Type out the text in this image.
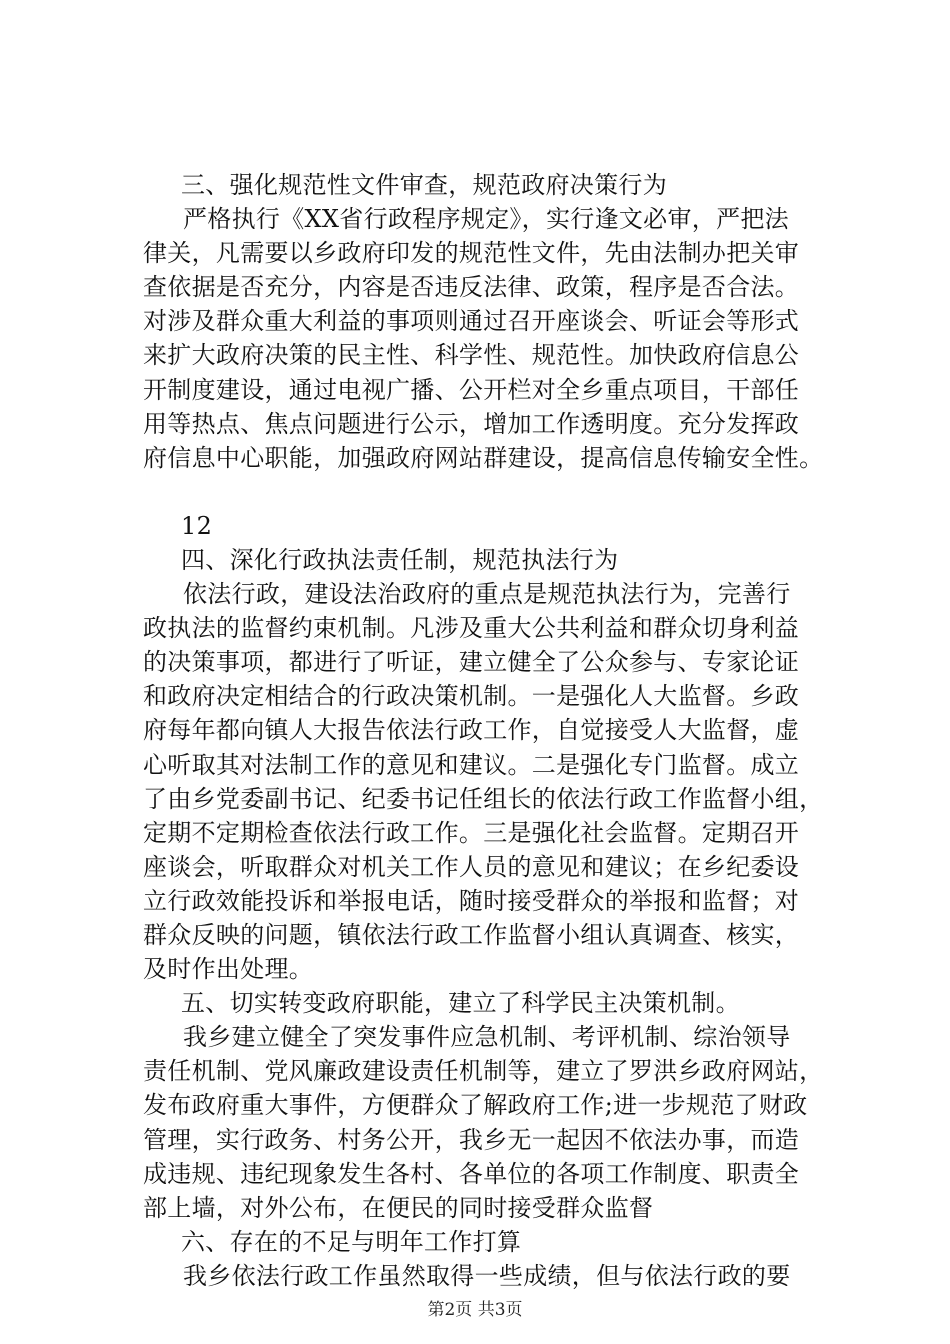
三、强化规范性文件审查，规范政府决策行为
严格执行《XX省行政程序规定》，实行逢文必审，严把法
律关，凡需要以乡政府印发的规范性文件，先由法制办把关审
查依据是否充分，内容是否违反法律、政策，程序是否合法。
对涉及群众重大利益的事项则通过召开座谈会、听证会等形式
来扩大政府决策的民主性、科学性、规范性。加快政府信息公
开制度建设，通过电视广播、公开栏对全乡重点项目，干部任
用等热点、焦点问题进行公示，增加工作透明度。充分发挥政
府信息中心职能，加强政府网站群建设，提高信息传输安全性。
12
四、深化行政执法责任制，规范执法行为
依法行政，建设法治政府的重点是规范执法行为，完善行
政执法的监督约束机制。凡涉及重大公共利益和群众切身利益
的决策事项，都进行了听证，建立健全了公众参与、专家论证
和政府决定相结合的行政决策机制。一是强化人大监督。乡政
府每年都向镇人大报告依法行政工作，自觉接受人大监督，虚
心听取其对法制工作的意见和建议。二是强化专门监督。成立
了由乡党委副书记、纪委书记任组长的依法行政工作监督小组，
定期不定期检查依法行政工作。三是强化社会监督。定期召开
座谈会，听取群众对机关工作人员的意见和建议；在乡纪委设
立行政效能投诉和举报电话，随时接受群众的举报和监督；对
群众反映的问题，镇依法行政工作监督小组认真调查、核实，
及时作出处理。
五、切实转变政府职能，建立了科学民主决策机制。
我乡建立健全了突发事件应急机制、考评机制、综治领导
责任机制、党风廉政建设责任机制等，建立了罗洪乡政府网站，
发布政府重大事件，方便群众了解政府工作;进一步规范了财政
管理，实行政务、村务公开，我乡无一起因不依法办事，而造
成违规、违纪现象发生各村、各单位的各项工作制度、职责全
部上墙，对外公布，在便民的同时接受群众监督
六、存在的不足与明年工作打算
我乡依法行政工作虽然取得一些成绩，但与依法行政的要
第2页 共3页
